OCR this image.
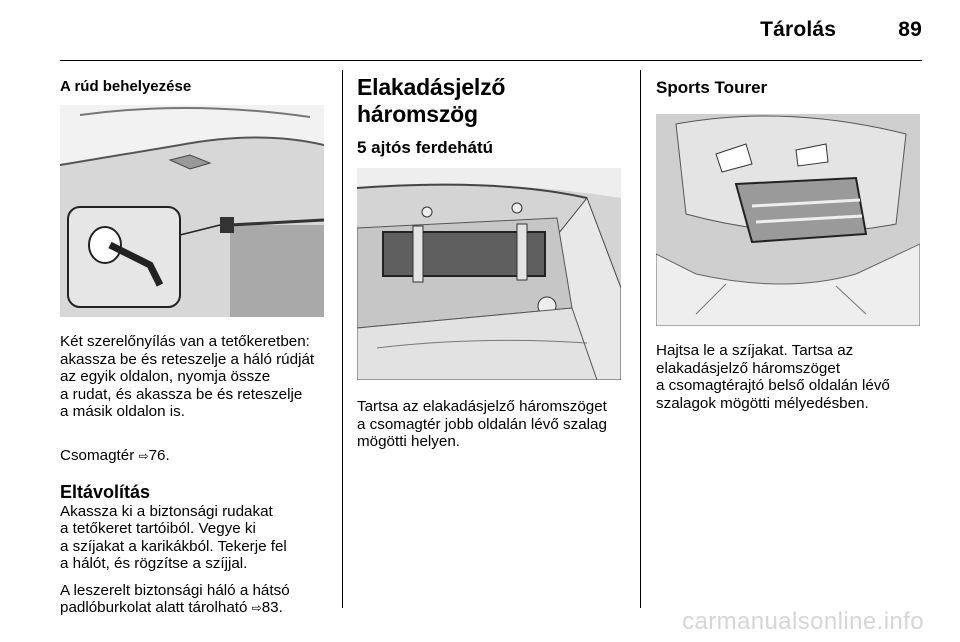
Tárolás	89
A rúd behelyezése

Két szerelőnyílás van a tetőkeretben:
akassza be és reteszelje a háló rúdját
az egyik oldalon, nyomja össze
a rudat, és akassza be és reteszelje
a másik oldalon is.

Csomagtér ⇨76.

Eltávolítás

Akassza ki a biztonsági rudakat
a tetőkeret tartóiból. Vegye ki
a szíjakat a karikákból. Tekerje fel
a hálót, és rögzítse a szíjjal.

A leszerelt biztonsági háló a hátsó
padlóburkolat alatt tárolható ⇨83.

Elakadásjelző háromszög
5 ajtós ferdehátú

Tartsa az elakadásjelző háromszöget
a csomagtér jobb oldalán lévő szalag
mögötti helyen.

Sports Tourer

Hajtsa le a szíjakat. Tartsa az
elakadásjelző háromszöget
a csomagtérajtó belső oldalán lévő
szalagok mögötti mélyedésben.

carmanualsonline.info
